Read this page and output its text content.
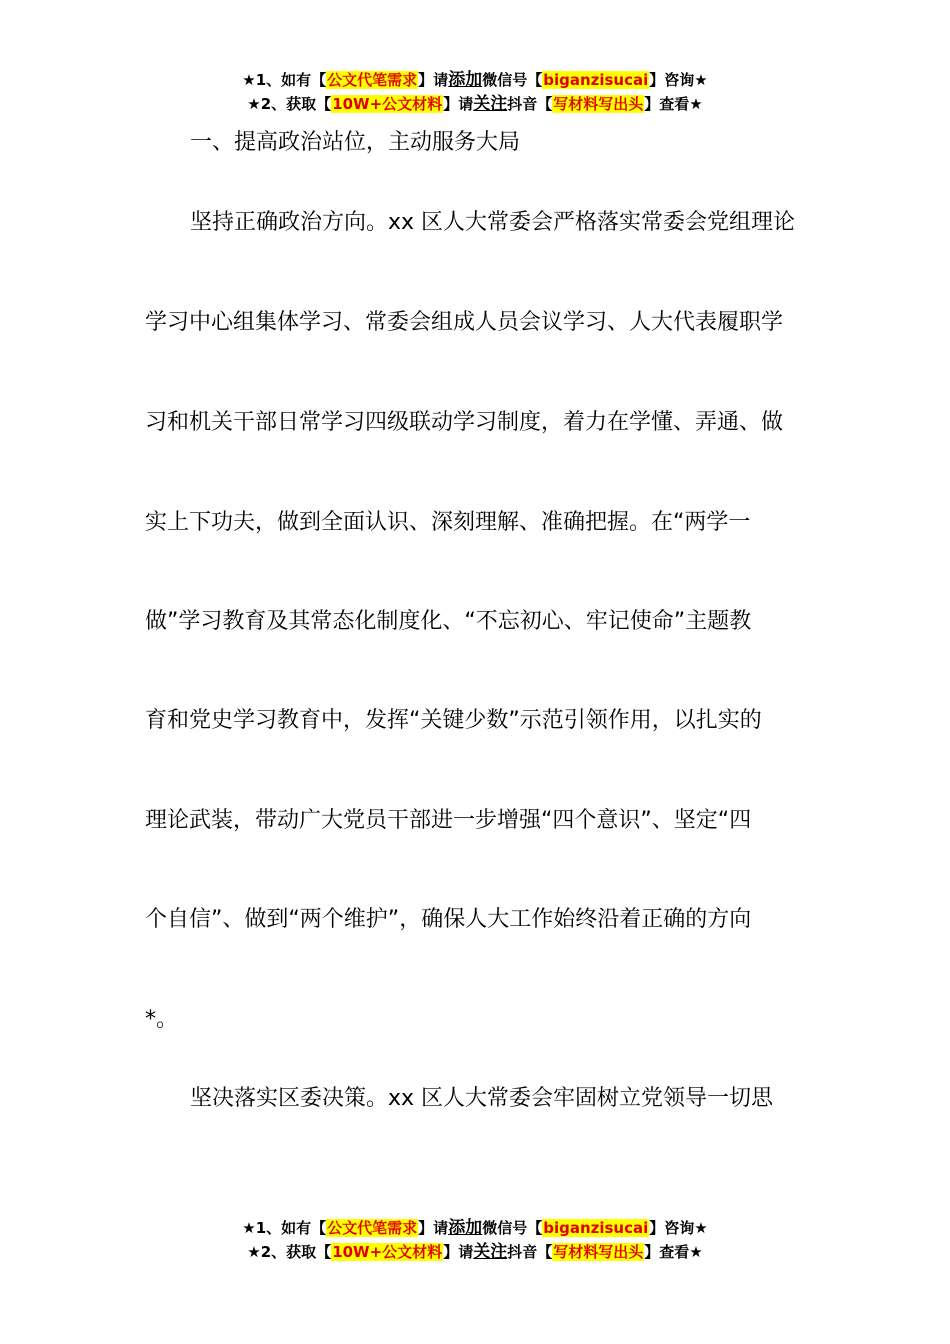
★1、如有【公文代笔需求】请添加微信号【biganzisucai】咨询★
★2、获取【10W+公文材料】请关注抖音【写材料写出头】查看★
一、提高政治站位，主动服务大局
坚持正确政治方向。xx 区人大常委会严格落实常委会党组理论
学习中心组集体学习、常委会组成人员会议学习、人大代表履职学
习和机关干部日常学习四级联动学习制度，着力在学懂、弄通、做
实上下功夫，做到全面认识、深刻理解、准确把握。在“两学一
做”学习教育及其常态化制度化、“不忘初心、牢记使命”主题教
育和党史学习教育中，发挥“关键少数”示范引领作用，以扎实的
理论武装，带动广大党员干部进一步增强“四个意识”、坚定“四
个自信”、做到“两个维护”，确保人大工作始终沿着正确的方向
*。
坚决落实区委决策。xx 区人大常委会牢固树立党领导一切思
★1、如有【公文代笔需求】请添加微信号【biganzisucai】咨询★
★2、获取【10W+公文材料】请关注抖音【写材料写出头】查看★
